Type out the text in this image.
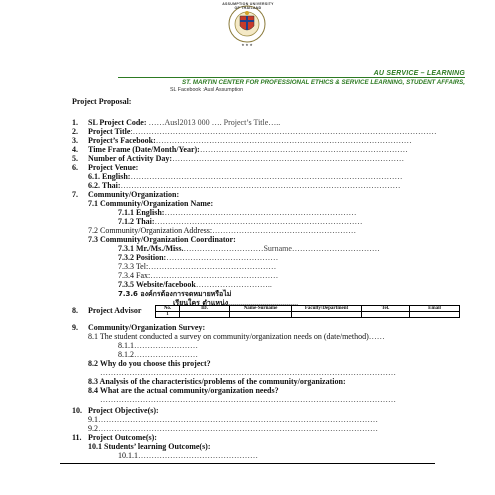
★ ★ ★
ASSUMPTION UNIVERSITY OF THAILAND
AU SERVICE – LEARNING
ST. MARTIN CENTER FOR PROFESSIONAL ETHICS & SERVICE LEARNING, STUDENT AFFAIRS,
SL Facebook :Ausl Assumption
Project Proposal:
1. SL Project Code: ……Ausl2013 000 …. Project’s Title…..
2. Project Title:……………………………………………………………………………………………………
3. Project’s Facebook:……………………………………………………………………………………
4. Time Frame (Date/Month/Year):……………………………………………………………………
5. Number of Activity Day:……………………………………………………………………………
6. Project Venue:
6.1. English:…………………………………………………………………………………………
6.2. Thai:……………………………………………………………………………………………
7. Community/Organization:
7.1 Community/Organization Name:
7.1.1 English:………………………………………………………………
7.1.2 Thai:……………………………………………………………………
7.2 Community/Organization Address:………………………………………………
7.3 Community/Organization Coordinator:
7.3.1 Mr./Ms./Miss.…………………………Surname……………………………
7.3.2 Position:……………………………………
7.3.3 Tel:…………………………………………
7.3.4 Fax:…………………………………………
7.3.5 Website/facebook………………………..
7.3.6 องค์กรต้องการจดหมายหรือไม่
เรียนใคร ตำแหน่ง...................................
8. Project Advisor
9. Community/Organization Survey:
8.1 The student conducted a survey on community/organization needs on (date/method)……
8.1.1……………………
8.1.2……………………
8.2 Why do you choose this project?
…………………………………………………………………………………………………
8.3 Analysis of the characteristics/problems of the community/organization:
8.4 What are the actual community/organization needs?
…………………………………………………………………………………………………
10. Project Objective(s):
9.1……………………………………………………………………………………………
9.2……………………………………………………………………………………………
11. Project Outcome(s):
10.1 Students’ learning Outcome(s):
10.1.1………………………………………
No.	ID.	Name-Surname	Faculty/Department	Tel.	Email
1					
